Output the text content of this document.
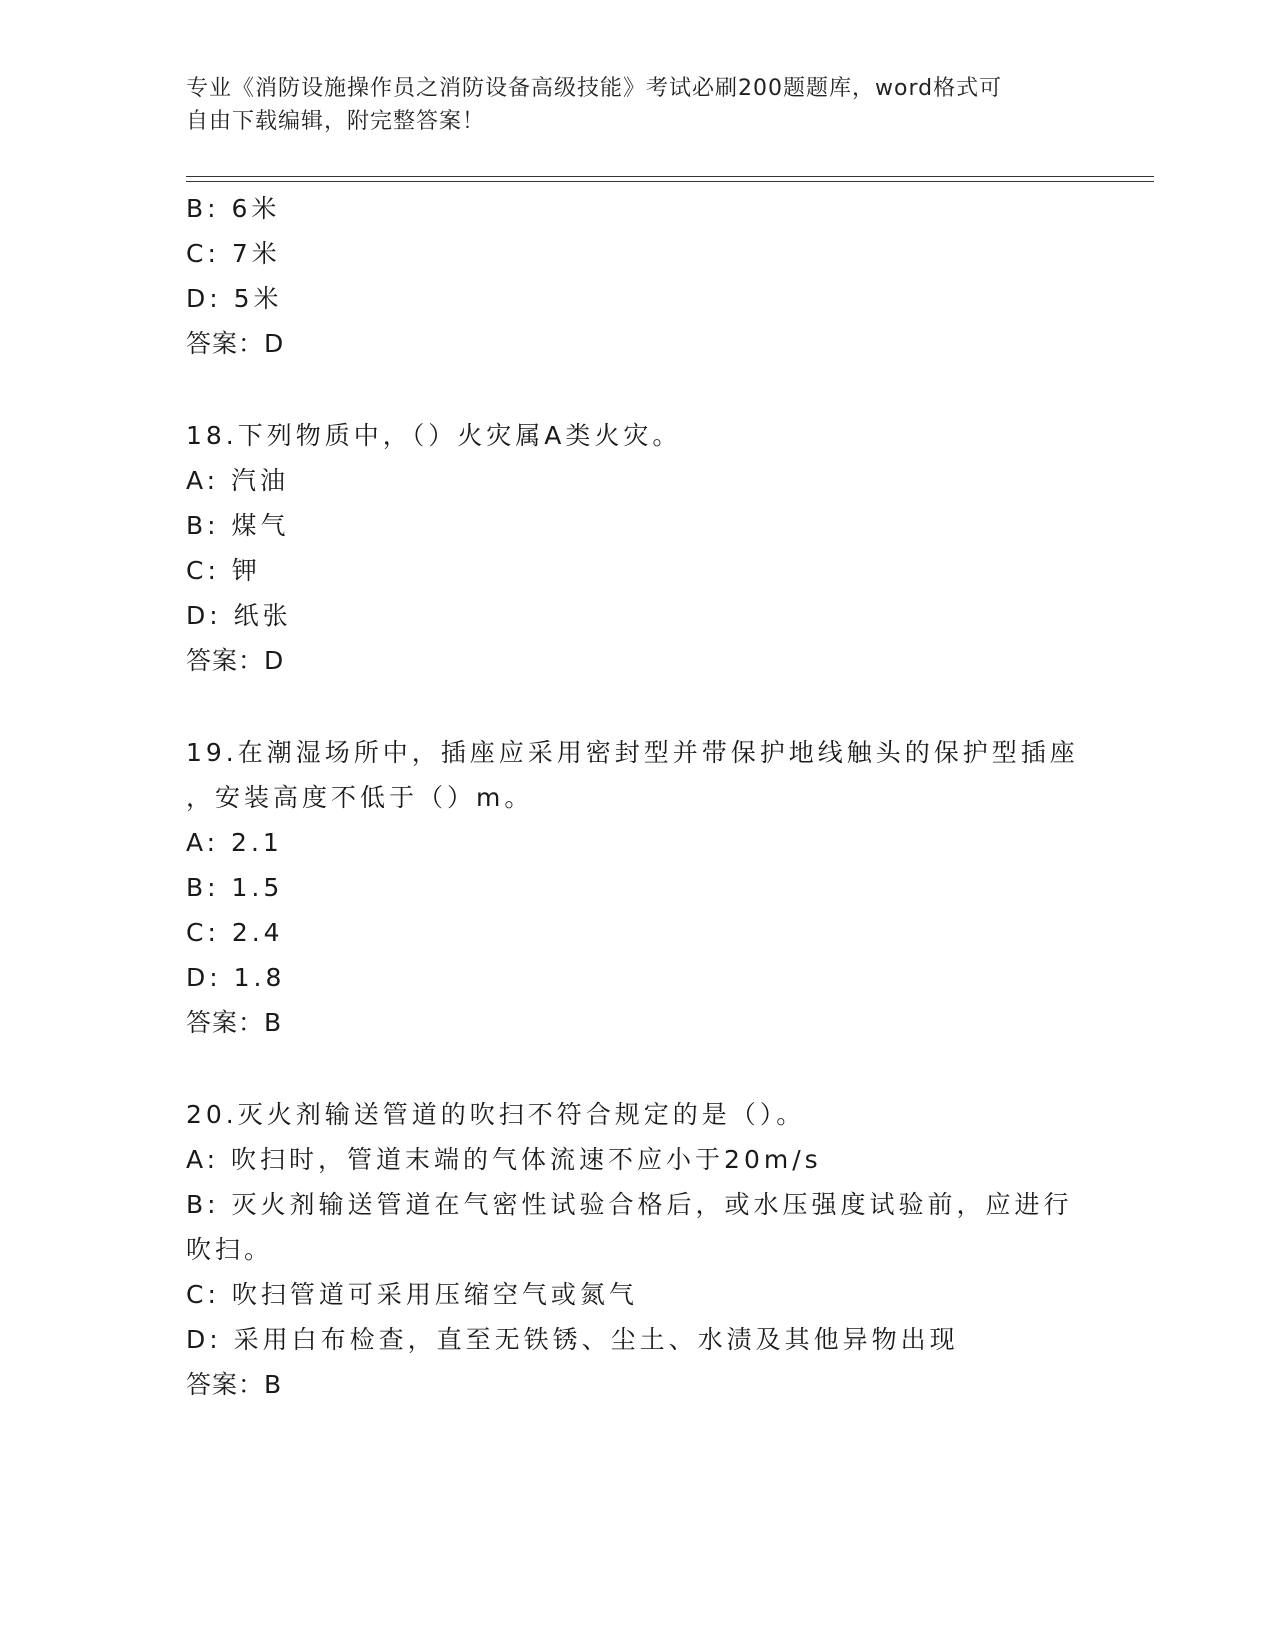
专业《消防设施操作员之消防设备高级技能》考试必刷200题题库，word格式可
自由下载编辑，附完整答案！
B: 6米
C: 7米
D: 5米
答案：D
18.下列物质中，（）火灾属A类火灾。
A: 汽油
B: 煤气
C: 钾
D: 纸张
答案：D
19.在潮湿场所中，插座应采用密封型并带保护地线触头的保护型插座
，安装高度不低于（）m。
A: 2.1
B: 1.5
C: 2.4
D: 1.8
答案：B
20.灭火剂输送管道的吹扫不符合规定的是（）。
A: 吹扫时，管道末端的气体流速不应小于20m/s
B: 灭火剂输送管道在气密性试验合格后，或水压强度试验前，应进行
吹扫。
C: 吹扫管道可采用压缩空气或氮气
D: 采用白布检查，直至无铁锈、尘土、水渍及其他异物出现
答案：B
